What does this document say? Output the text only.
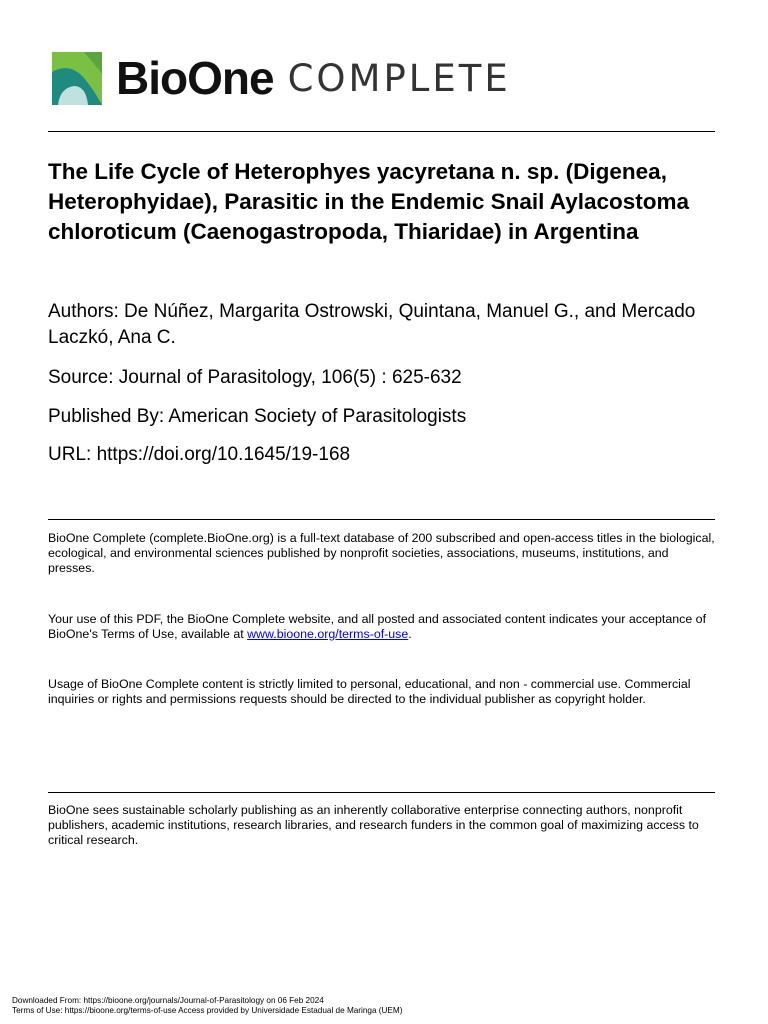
BioOne COMPLETE
The Life Cycle of Heterophyes yacyretana n. sp. (Digenea, Heterophyidae), Parasitic in the Endemic Snail Aylacostoma chloroticum (Caenogastropoda, Thiaridae) in Argentina

Authors: De Núñez, Margarita Ostrowski, Quintana, Manuel G., and Mercado Laczkó, Ana C.

Source: Journal of Parasitology, 106(5) : 625-632

Published By: American Society of Parasitologists

URL: https://doi.org/10.1645/19-168

BioOne Complete (complete.BioOne.org) is a full-text database of 200 subscribed and open-access titles in the biological, ecological, and environmental sciences published by nonprofit societies, associations, museums, institutions, and presses.

Your use of this PDF, the BioOne Complete website, and all posted and associated content indicates your acceptance of BioOne's Terms of Use, available at www.bioone.org/terms-of-use.

Usage of BioOne Complete content is strictly limited to personal, educational, and non - commercial use. Commercial inquiries or rights and permissions requests should be directed to the individual publisher as copyright holder.

BioOne sees sustainable scholarly publishing as an inherently collaborative enterprise connecting authors, nonprofit publishers, academic institutions, research libraries, and research funders in the common goal of maximizing access to critical research.

Downloaded From: https://bioone.org/journals/Journal-of-Parasitology on 06 Feb 2024
Terms of Use: https://bioone.org/terms-of-use Access provided by Universidade Estadual de Maringa (UEM)
